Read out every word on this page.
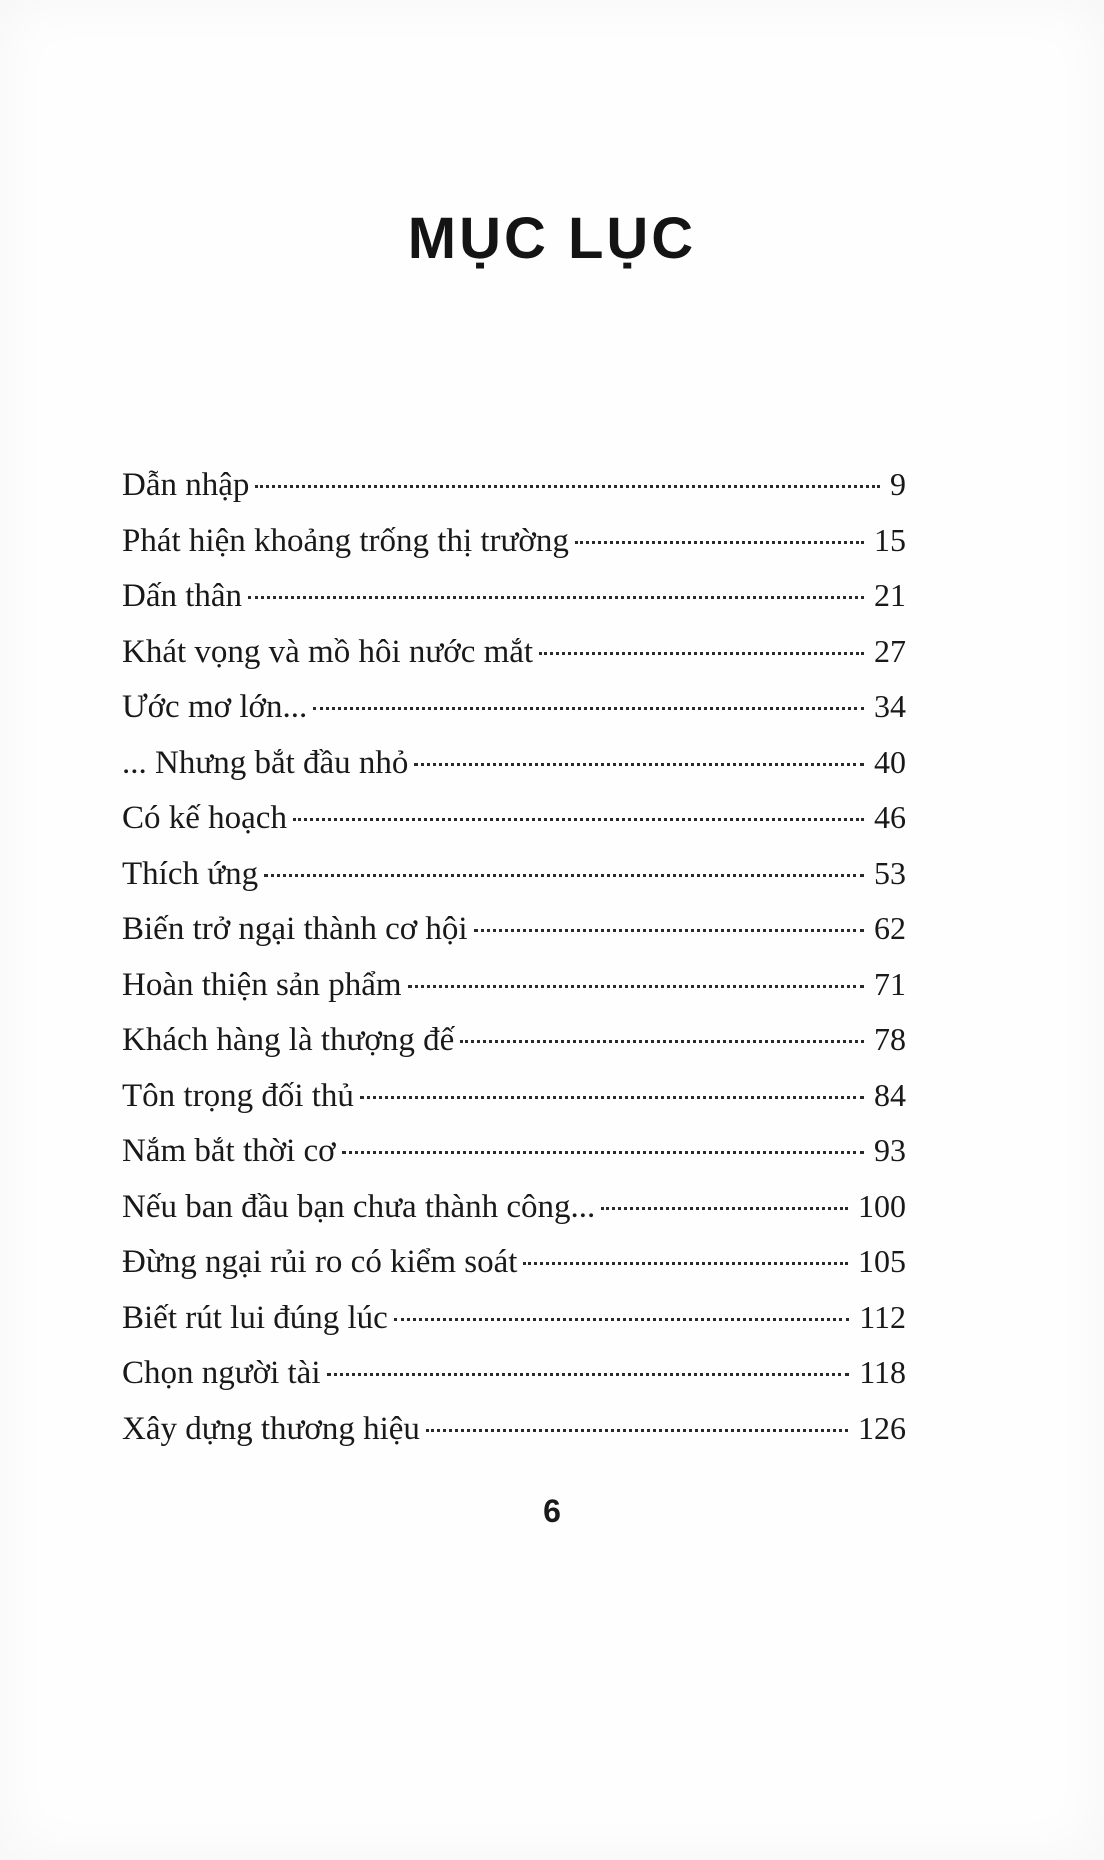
MỤC LỤC
Dẫn nhập	9
Phát hiện khoảng trống thị trường	15
Dấn thân	21
Khát vọng và mồ hôi nước mắt	27
Ước mơ lớn...	34
... Nhưng bắt đầu nhỏ	40
Có kế hoạch	46
Thích ứng	53
Biến trở ngại thành cơ hội	62
Hoàn thiện sản phẩm	71
Khách hàng là thượng đế	78
Tôn trọng đối thủ	84
Nắm bắt thời cơ	93
Nếu ban đầu bạn chưa thành công...	100
Đừng ngại rủi ro có kiểm soát	105
Biết rút lui đúng lúc	112
Chọn người tài	118
Xây dựng thương hiệu	126
6
